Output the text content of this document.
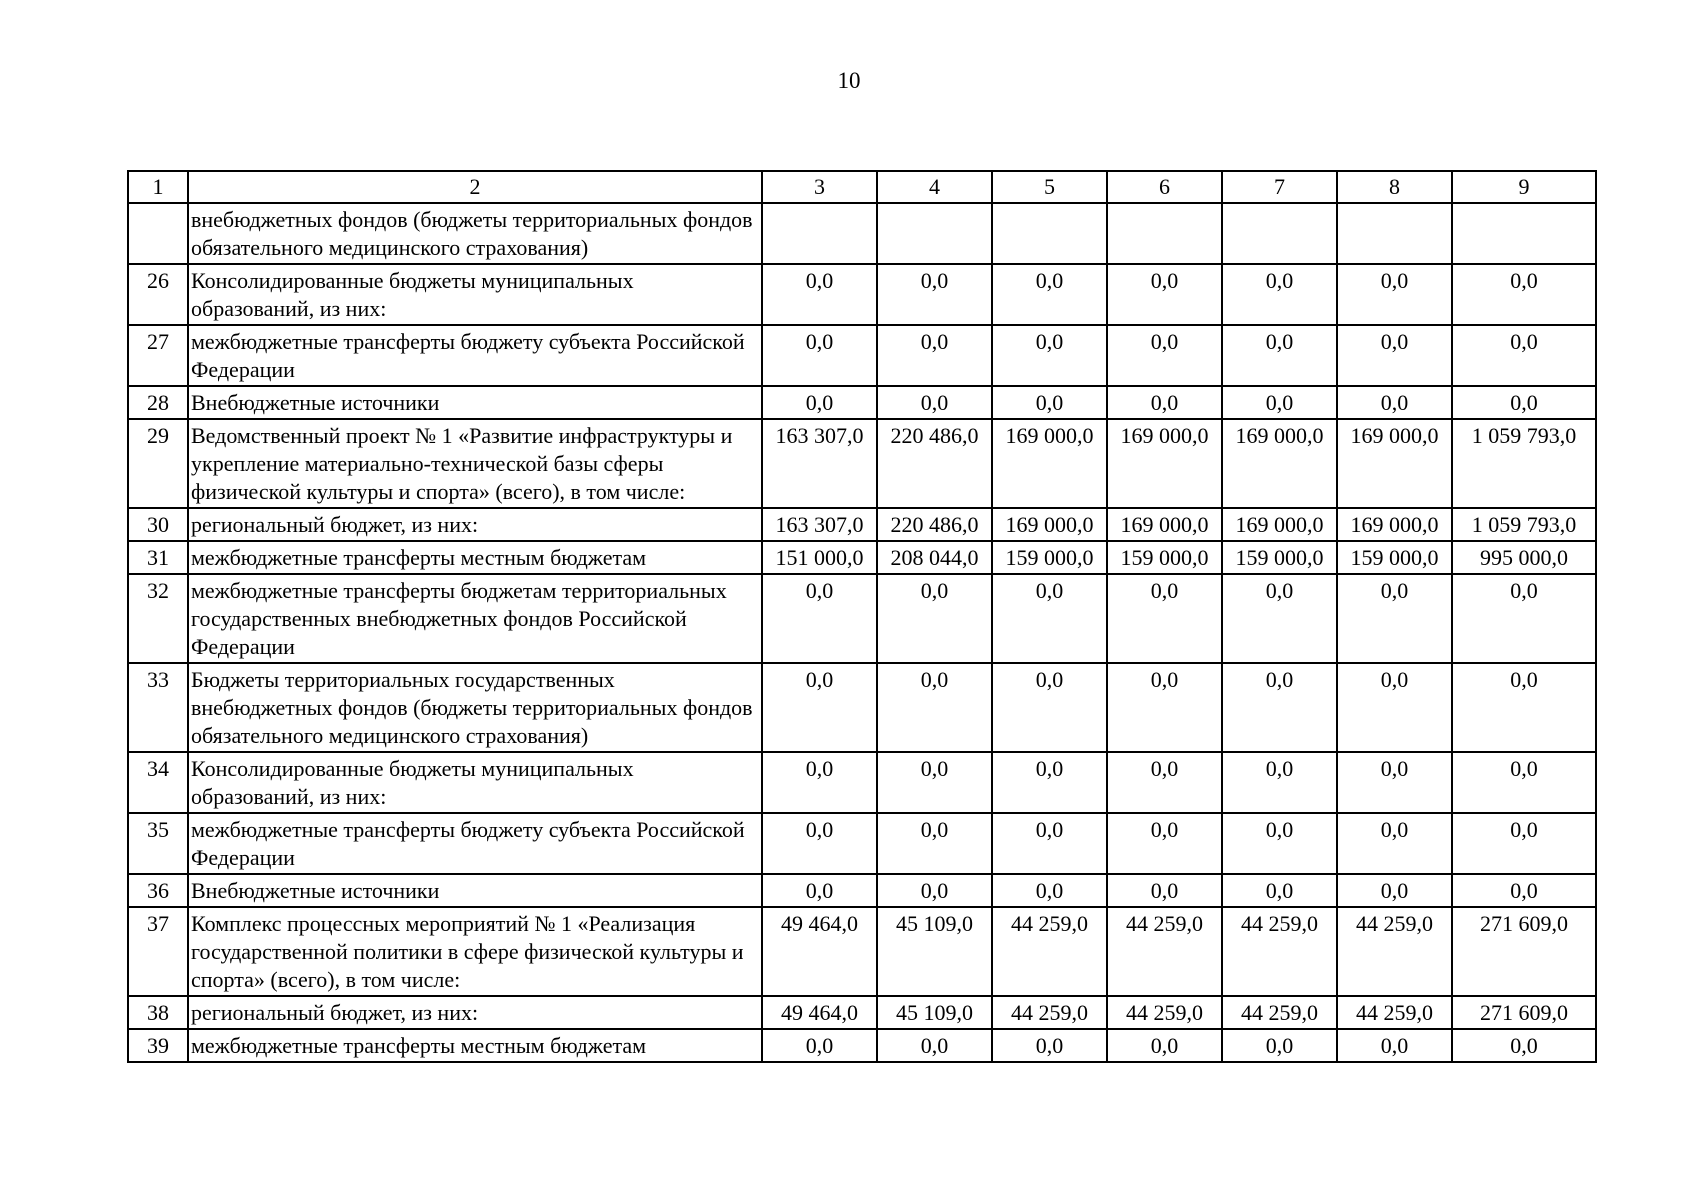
10
1	2	3	4	5	6	7	8	9
	внебюджетных фондов (бюджеты территориальных фондов обязательного медицинского страхования)							
26	Консолидированные бюджеты муниципальных образований, из них:	0,0	0,0	0,0	0,0	0,0	0,0	0,0
27	межбюджетные трансферты бюджету субъекта Российской Федерации	0,0	0,0	0,0	0,0	0,0	0,0	0,0
28	Внебюджетные источники	0,0	0,0	0,0	0,0	0,0	0,0	0,0
29	Ведомственный проект № 1 «Развитие инфраструктуры и укрепление материально-технической базы сферы физической культуры и спорта» (всего), в том числе:	163 307,0	220 486,0	169 000,0	169 000,0	169 000,0	169 000,0	1 059 793,0
30	региональный бюджет, из них:	163 307,0	220 486,0	169 000,0	169 000,0	169 000,0	169 000,0	1 059 793,0
31	межбюджетные трансферты местным бюджетам	151 000,0	208 044,0	159 000,0	159 000,0	159 000,0	159 000,0	995 000,0
32	межбюджетные трансферты бюджетам территориальных государственных внебюджетных фондов Российской Федерации	0,0	0,0	0,0	0,0	0,0	0,0	0,0
33	Бюджеты территориальных государственных внебюджетных фондов (бюджеты территориальных фондов обязательного медицинского страхования)	0,0	0,0	0,0	0,0	0,0	0,0	0,0
34	Консолидированные бюджеты муниципальных образований, из них:	0,0	0,0	0,0	0,0	0,0	0,0	0,0
35	межбюджетные трансферты бюджету субъекта Российской Федерации	0,0	0,0	0,0	0,0	0,0	0,0	0,0
36	Внебюджетные источники	0,0	0,0	0,0	0,0	0,0	0,0	0,0
37	Комплекс процессных мероприятий № 1 «Реализация государственной политики в сфере физической культуры и спорта» (всего), в том числе:	49 464,0	45 109,0	44 259,0	44 259,0	44 259,0	44 259,0	271 609,0
38	региональный бюджет, из них:	49 464,0	45 109,0	44 259,0	44 259,0	44 259,0	44 259,0	271 609,0
39	межбюджетные трансферты местным бюджетам	0,0	0,0	0,0	0,0	0,0	0,0	0,0
